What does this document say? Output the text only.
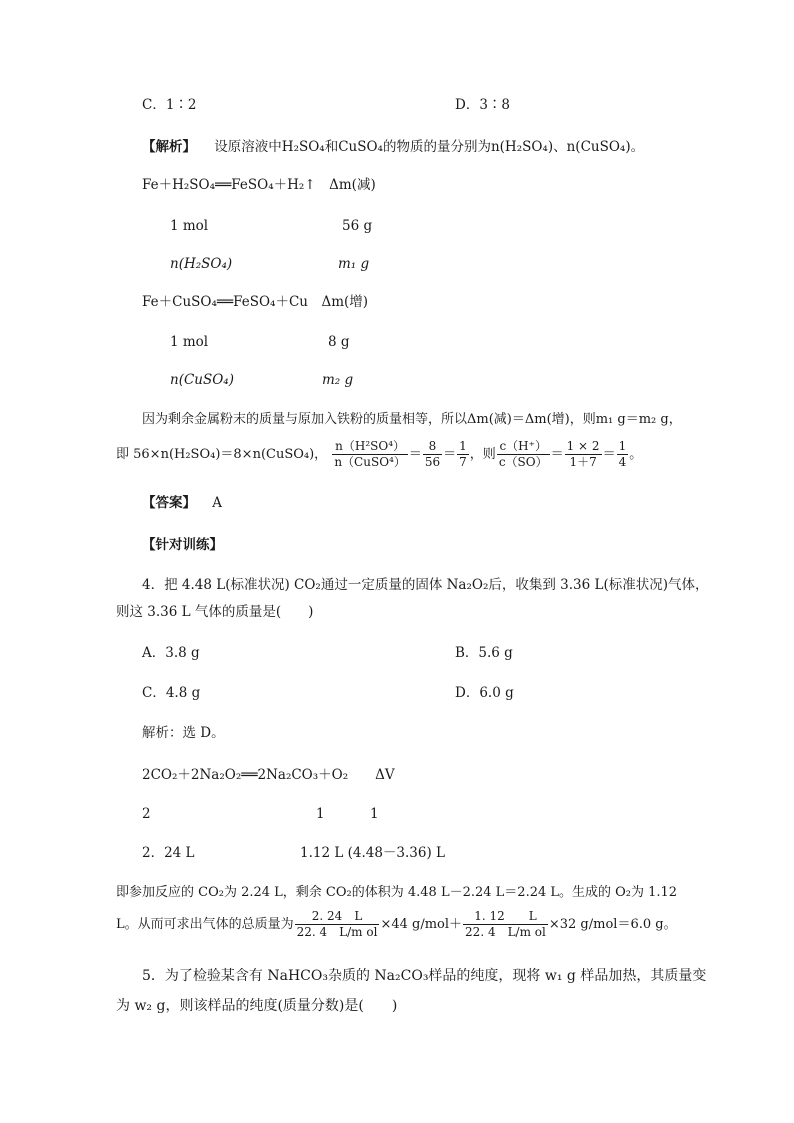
C．1∶2	D．3∶8
【解析】 设原溶液中H₂SO₄和CuSO₄的物质的量分别为n(H₂SO₄)、n(CuSO₄)。
Fe＋H₂SO₄══FeSO₄＋H₂↑　Δm(减)
1 mol	56 g
n(H₂SO₄)	m₁ g
Fe＋CuSO₄══FeSO₄＋Cu　Δm(增)
1 mol	8 g
n(CuSO₄)	m₂ g
因为剩余金属粉末的质量与原加入铁粉的质量相等，所以Δm(减)＝Δm(增)，则m₁ g＝m₂ g，
即 56×n(H₂SO₄)＝8×n(CuSO₄)， $\frac{\text{n（H²SO⁴）}}{\text{n（CuSO⁴）}} = \frac{8}{56} = \frac{1}{7}$ ，则 $\frac{c(H^+)}{c(SO)} = \frac{1 \times 2}{1+7} = \frac{1}{4}$ 。
【答案】 A
【针对训练】
4．把 4.48 L(标准状况) CO₂通过一定质量的固体 Na₂O₂后，收集到 3.36 L(标准状况)气体，
则这 3.36 L 气体的质量是(　　)
A．3.8 g	B．5.6 g
C．4.8 g	D．6.0 g
解析：选 D。
2CO₂＋2Na₂O₂══2Na₂CO₃＋O₂　　ΔV
2	1	1
2．24 L	1.12 L (4.48－3.36) L
即参加反应的 CO₂为 2.24 L，剩余 CO₂的体积为 4.48 L－2.24 L＝2.24 L。生成的 O₂为 1.12
L。从而可求出气体的总质量为 $\frac{2. 24 L}{\text{22. 4　L/m ol}} \times 44$ $g/mol+ \frac{1. 12 L}{\text{22. 4　L/m ol}} \times 32$ g/mol＝6.0 g。
5．为了检验某含有 NaHCO₃杂质的 Na₂CO₃样品的纯度，现将 w₁ g 样品加热，其质量变
为 w₂ g，则该样品的纯度(质量分数)是(　　)
